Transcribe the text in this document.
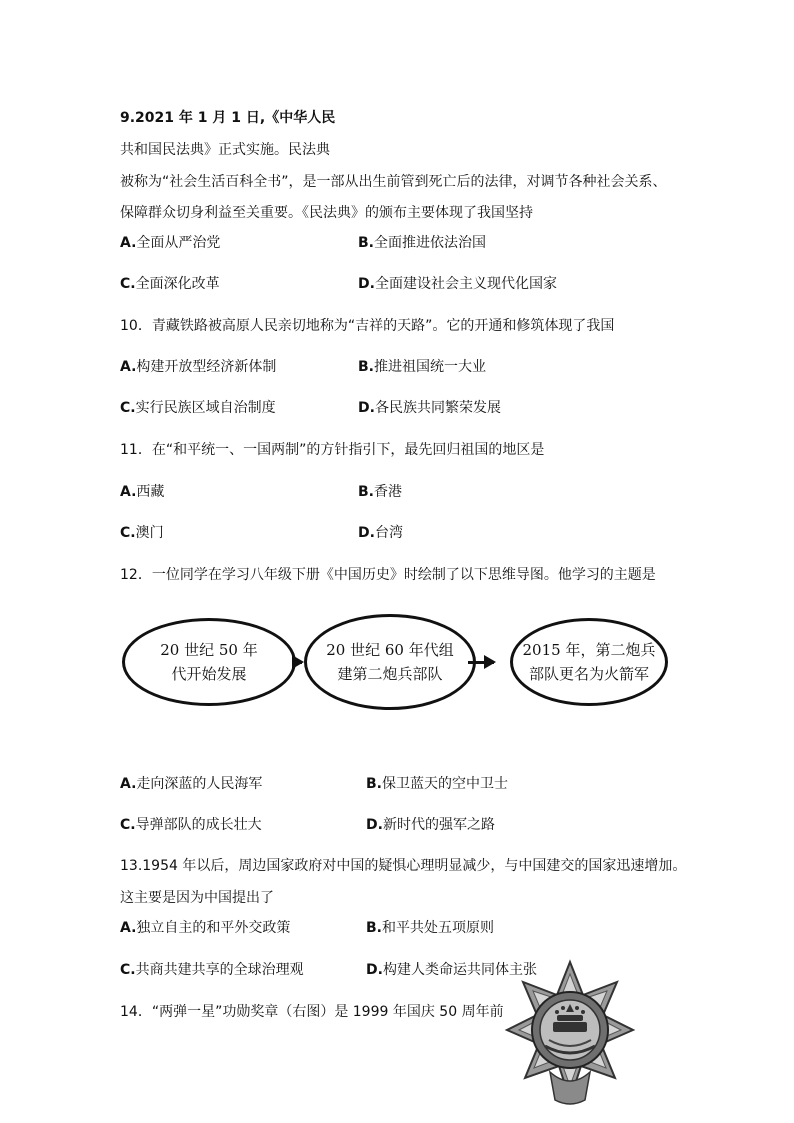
9.2021 年 1 月 1 日,《中华人民
共和国民法典》正式实施。民法典
被称为“社会生活百科全书”，是一部从出生前管到死亡后的法律，对调节各种社会关系、
保障群众切身利益至关重要。《民法典》的颁布主要体现了我国坚持
A.全面从严治党	B.全面推进依法治国
C.全面深化改革	D.全面建设社会主义现代化国家
10．青藏铁路被高原人民亲切地称为“吉祥的天路”。它的开通和修筑体现了我国
A.构建开放型经济新体制	B.推进祖国统一大业
C.实行民族区域自治制度	D.各民族共同繁荣发展
11．在“和平统一、一国两制”的方针指引下，最先回归祖国的地区是
A.西藏	B.香港
C.澳门	D.台湾
12．一位同学在学习八年级下册《中国历史》时绘制了以下思维导图。他学习的主题是
20 世纪 50 年
代开始发展
20 世纪 60 年代组
建第二炮兵部队
2015 年，第二炮兵
部队更名为火箭军
A.走向深蓝的人民海军	B.保卫蓝天的空中卫士
C.导弹部队的成长壮大	D.新时代的强军之路
13.1954 年以后，周边国家政府对中国的疑惧心理明显减少，与中国建交的国家迅速增加。
这主要是因为中国提出了
A.独立自主的和平外交政策	B.和平共处五项原则
C.共商共建共享的全球治理观	D.构建人类命运共同体主张
14．“两弹一星”功勋奖章（右图）是 1999 年国庆 50 周年前
